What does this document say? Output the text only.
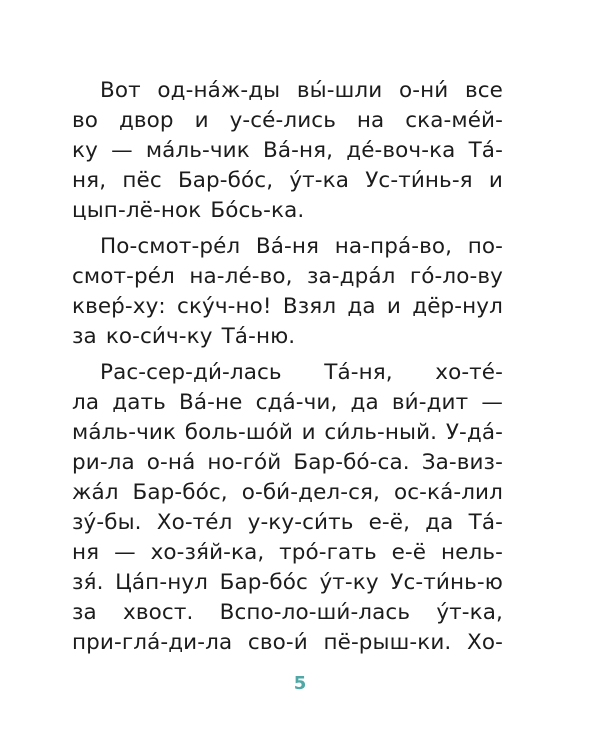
Вот од-на́ж-ды вы́-шли о-ни́ все
во двор и у-се́-лись на ска-ме́й-
ку — ма́ль-чик Ва́-ня, де́-воч-ка Та́-
ня, пёс Бар-бо́с, у́т-ка Ус-ти́нь-я и
цып-лё-нок Бо́сь-ка.
По-смот-ре́л Ва́-ня на-пра́-во, по-
смот-ре́л на-ле́-во, за-дра́л го́-ло-ву
квер́-ху: ску́ч-но! Взял да и дёр-нул
за ко-си́ч-ку Та́-ню.
Рас-сер-ди́-лась Та́-ня, хо-те́-
ла дать Ва́-не сда́-чи, да ви́-дит —
ма́ль-чик боль-шо́й и си́ль-ный. У-да́-
ри-ла о-на́ но-го́й Бар-бо́-са. За-виз-
жа́л Бар-бо́с, о-би́-дел-ся, ос-ка́-лил
зу́-бы. Хо-те́л у-ку-си́ть е-ё, да Та́-
ня — хо-зя́й-ка, тро́-гать е-ё нель-
зя́. Ца́п-нул Бар-бо́с у́т-ку Ус-ти́нь-ю
за хвост. Вспо-ло-ши́-лась у́т-ка,
при-гла́-ди-ла сво-и́ пё-рыш-ки. Хо-
5
